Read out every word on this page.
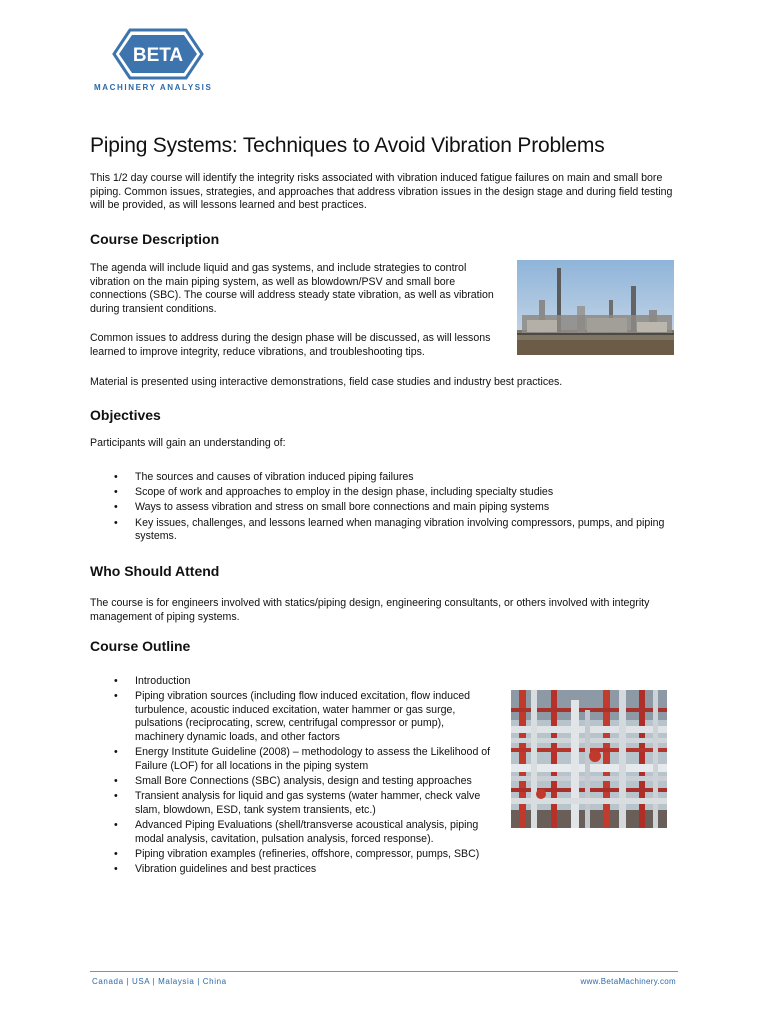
BETA
MACHINERY ANALYSIS
Piping Systems: Techniques to Avoid Vibration Problems

This 1/2 day course will identify the integrity risks associated with vibration induced fatigue failures on main and small bore piping. Common issues, strategies, and approaches that address vibration issues in the design stage and during field testing will be provided, as will lessons learned and best practices.

Course Description

The agenda will include liquid and gas systems, and include strategies to control vibration on the main piping system, as well as blowdown/PSV and small bore connections (SBC). The course will address steady state vibration, as well as vibration during transient conditions.

Common issues to address during the design phase will be discussed, as will lessons learned to improve integrity, reduce vibrations, and troubleshooting tips.

Material is presented using interactive demonstrations, field case studies and industry best practices.

Objectives

Participants will gain an understanding of:

• The sources and causes of vibration induced piping failures
• Scope of work and approaches to employ in the design phase, including specialty studies
• Ways to assess vibration and stress on small bore connections and main piping systems
• Key issues, challenges, and lessons learned when managing vibration involving compressors, pumps, and piping systems.
Who Should Attend

The course is for engineers involved with statics/piping design, engineering consultants, or others involved with integrity management of piping systems.

Course Outline
• Introduction
• Piping vibration sources (including flow induced excitation, flow induced turbulence, acoustic induced excitation, water hammer or gas surge, pulsations (reciprocating, screw, centrifugal compressor or pump), machinery dynamic loads, and other factors
• Energy Institute Guideline (2008) – methodology to assess the Likelihood of Failure (LOF) for all locations in the piping system
• Small Bore Connections (SBC) analysis, design and testing approaches
• Transient analysis for liquid and gas systems (water hammer, check valve slam, blowdown, ESD, tank system transients, etc.)
• Advanced Piping Evaluations (shell/transverse acoustical analysis, piping modal analysis, cavitation, pulsation analysis, forced response).
• Piping vibration examples (refineries, offshore, compressor, pumps, SBC)
• Vibration guidelines and best practices
Canada | USA | Malaysia | China	www.BetaMachinery.com
